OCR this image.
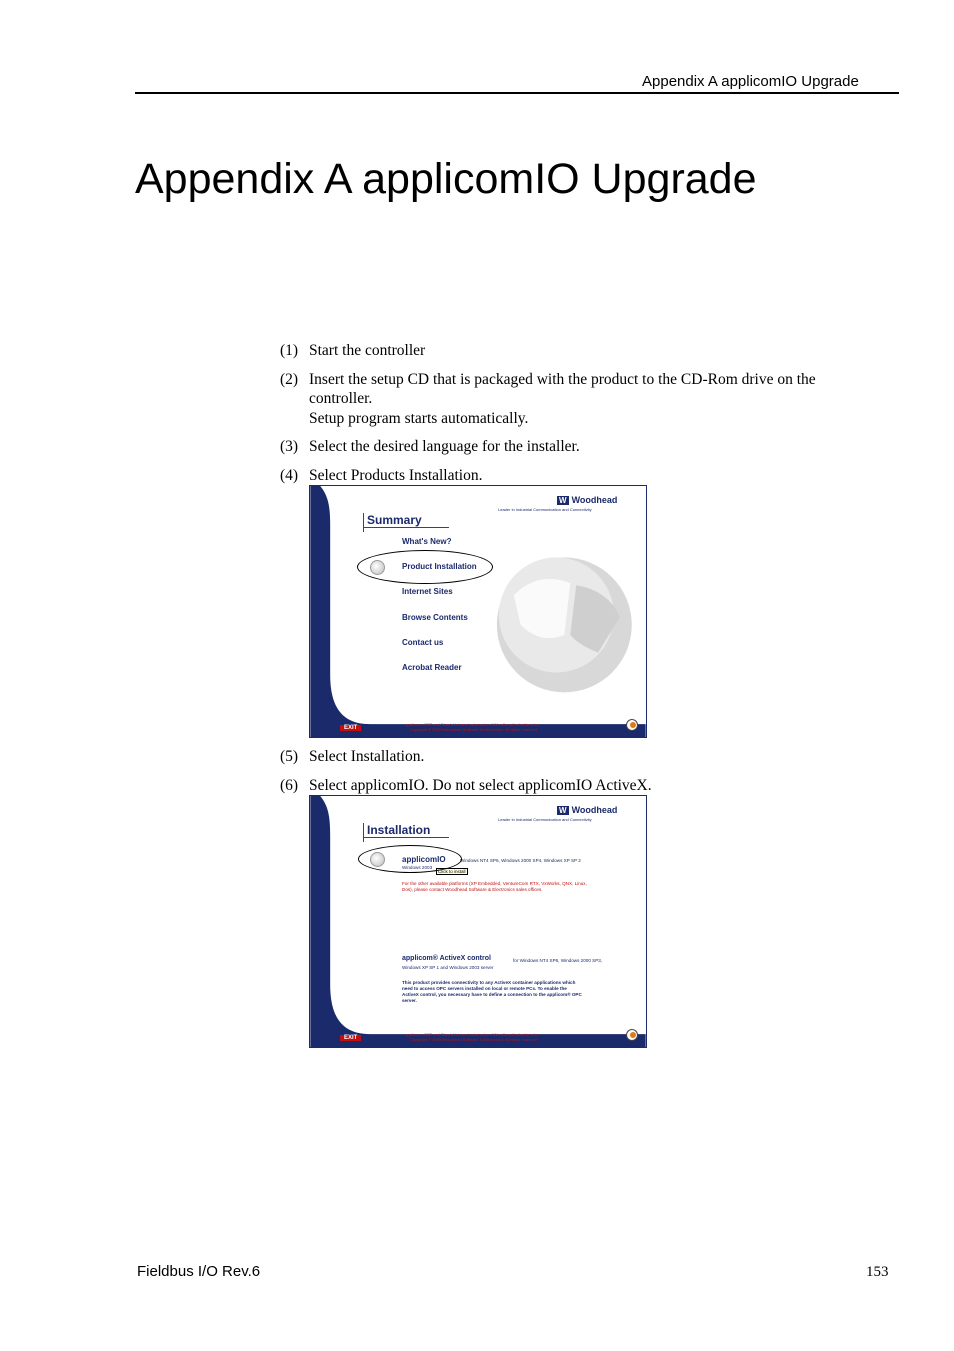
Appendix A applicomIO Upgrade
Appendix A applicomIO Upgrade
(1) Start the controller
(2) Insert the setup CD that is packaged with the product to the CD-Rom drive on the controller.
Setup program starts automatically.
(3) Select the desired language for the installer.
(4) Select Products Installation.
W Woodhead
Leader in Industrial Communication and Connectivity
Summary
What's New?
Product Installation
Internet Sites
Browse Contents
Contact us
Acrobat Reader
EXIT
applicom , SST and Direct-Link are trademarks of Woodhead Industries, Inc
Copyright © 2005 Woodhead Software & Electronics. All rights reserved
(5) Select Installation.
(6) Select applicomIO. Do not select applicomIO ActiveX.
W Woodhead
Leader in Industrial Communication and Connectivity
Installation
applicomIO	Windows NT4 SP6, Windows 2000 SP4, Windows XP SP 2
Windows 2003
Click to install
For the other available platforms (XP Embedded, VentureCom RTX, VxWorks, QNX, Linux,
Dos), please contact Woodhead Software & Electronics sales offices.
applicom® ActiveX control	for Windows NT4 SP6, Windows 2000 SP3,
Windows XP SP 1 and Windows 2003 server
This product provides connectivity to any ActiveX container applications which
need to access OPC servers installed on local or remote PCs. To enable the
ActiveX control, you necessary have to define a connection to the applicom® OPC
server.
EXIT
applicom , SST and Direct-Link are trademarks of Woodhead Industries, Inc
Copyright © 2005 Woodhead Software & Electronics. All rights reserved
Fieldbus I/O Rev.6	153
